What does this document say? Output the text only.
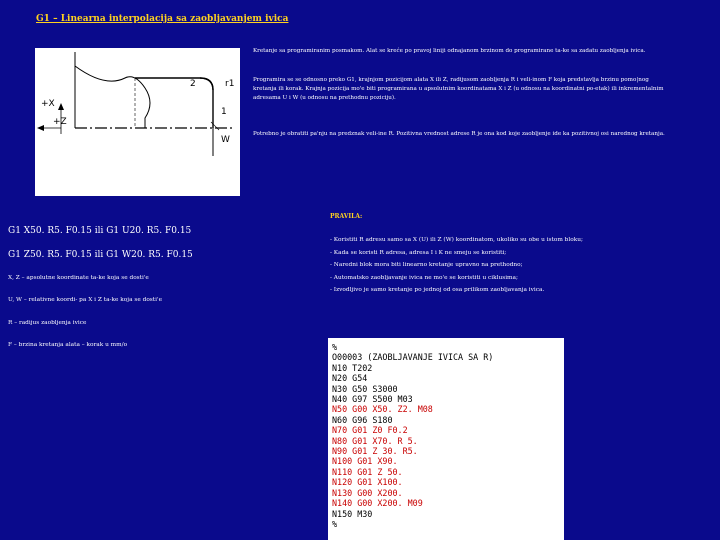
G1 – Linearna interpolacija sa zaobljavanjem ivica
+X
+Z
2	r1
1
W

Kretanje sa programiranim posmakom. Alat se kreće po pravoj liniji odnajanom brzinom do programirane ta-ke sa zadatu zaobljenja ivica.

Programira se se odnosno preko G1, krajnjom pozicijom alata X ili Z, radijusom zaobljenja R i veli-inom F koja predstavlja brzinu pomo|nog kretanja ili korak. Krajnja pozicija mo'e biti programirana u apsolutnim koordinatama X i Z (u odnosu na koordinatni po-etak) ili inkrementalnim adresama U i W (u odnosu na prethodnu poziciju).

Potrebno je obratiti pa'nju na predznak veli-ine R. Pozitivna vrednost adrese R je ona kod koje zaobljenje ide ka pozitivnoj osi narednog kretanja.

G1 X50. R5. F0.15 ili G1 U20. R5. F0.15

G1 Z50. R5. F0.15 ili G1 W20. R5. F0.15

X, Z – apsolutne koordinate ta-ke koja se dosti'e

U, W – relativne koordi- pa X i Z ta-ke koja se dosti'e

R – radijus zaobljenja ivice

F – brzina kretanja alata – korak u mm/o

PRAVILA:
- Koristiti R adresu samo sa X (U) ili Z (W) koordinatom, ukoliko su obe u istom bloku;
- Kada se koristi R adresa, adresa I i K ne smeju se koristiti;
- Naredni blok mora biti linearno kretanje upravno na prethodno;
- Automatsko zaobljavanje ivica ne mo'e se koristiti u ciklusima;
- Izvodljivo je samo kretanje po jednoj od osa prilikom zaobljavanja ivica.
%
O00003 (ZAOBLJAVANJE IVICA SA R)
N10 T202
N20 G54
N30 G50 S3000
N40 G97 S500 M03
N50 G00 X50. Z2. M08
N60 G96 S180
N70 G01 Z0 F0.2
N80 G01 X70. R 5.
N90 G01 Z 30. R5.
N100 G01 X90.
N110 G01 Z 50.
N120 G01 X100.
N130 G00 X200.
N140 G00 X200. M09
N150 M30
%
